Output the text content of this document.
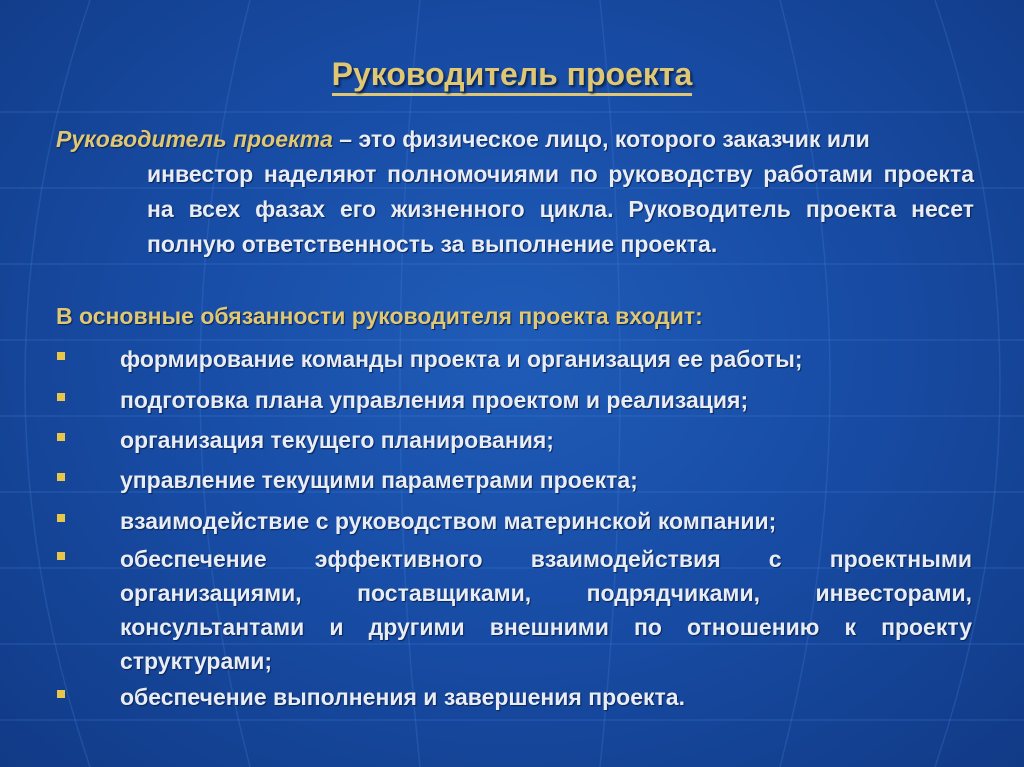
Руководитель проекта
Руководитель проекта – это физическое лицо, которого заказчик или
инвестор наделяют полномочиями по руководству работами проекта на всех фазах его жизненного цикла. Руководитель проекта несет полную ответственность за выполнение проекта.
В основные обязанности руководителя проекта входит:
формирование команды проекта и организация ее работы;
подготовка плана управления проектом и реализация;
организация текущего планирования;
управление текущими параметрами проекта;
взаимодействие с руководством материнской компании;
обеспечение эффективного взаимодействия с проектными организациями, поставщиками, подрядчиками, инвесторами, консультантами и другими внешними по отношению к проекту структурами;
обеспечение выполнения и завершения проекта.
